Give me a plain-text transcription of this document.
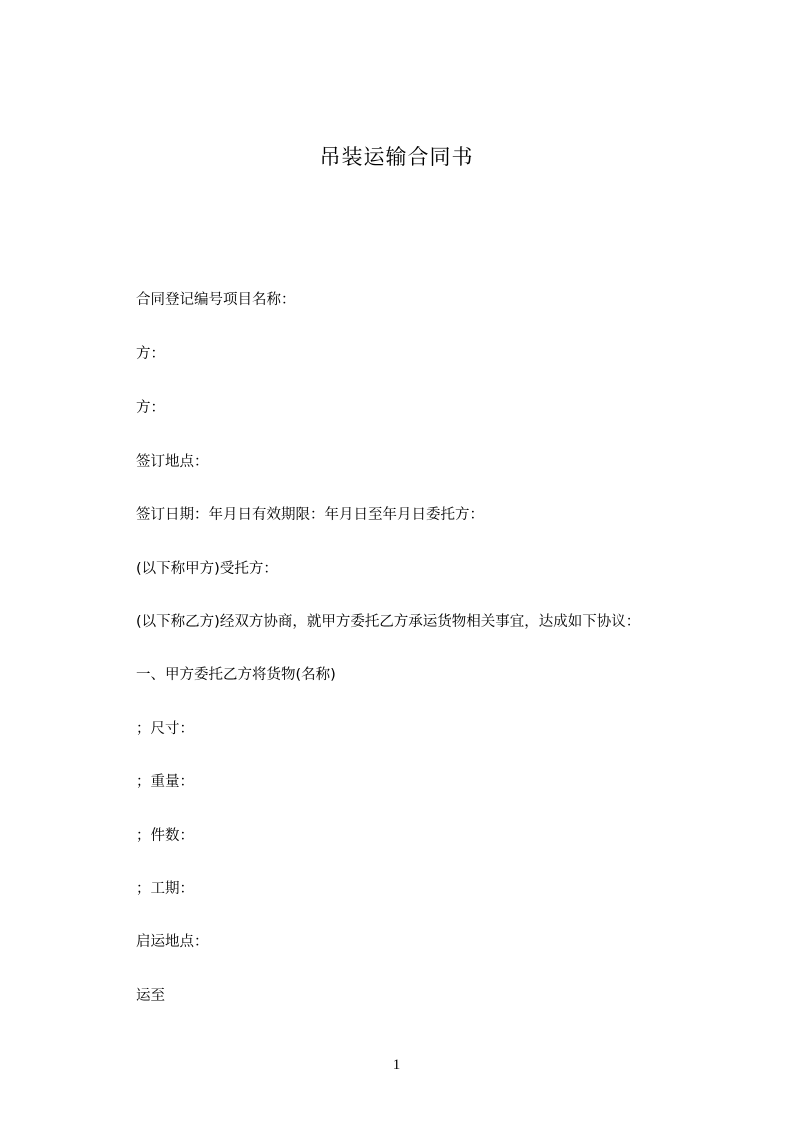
吊装运输合同书
合同登记编号项目名称：
方：
方：
签订地点：
签订日期：年月日有效期限：年月日至年月日委托方：
(以下称甲方)受托方：
(以下称乙方)经双方协商，就甲方委托乙方承运货物相关事宜，达成如下协议：
一、甲方委托乙方将货物(名称)
；尺寸：
；重量：
；件数：
；工期：
启运地点：
运至
1
